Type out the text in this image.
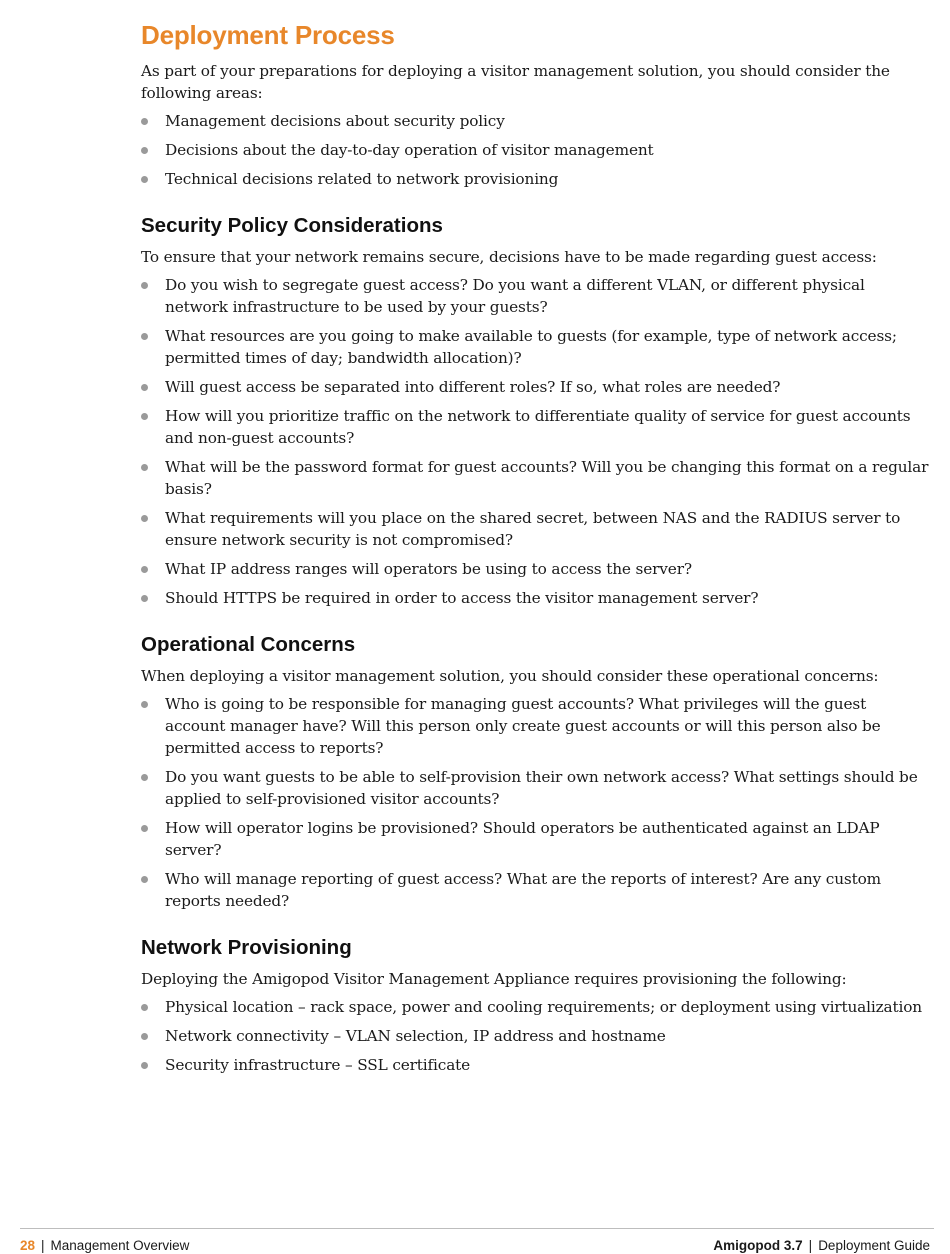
Deployment Process

As part of your preparations for deploying a visitor management solution, you should consider the following areas:

Management decisions about security policy
Decisions about the day-to-day operation of visitor management
Technical decisions related to network provisioning
Security Policy Considerations

To ensure that your network remains secure, decisions have to be made regarding guest access:

Do you wish to segregate guest access? Do you want a different VLAN, or different physical network infrastructure to be used by your guests?
What resources are you going to make available to guests (for example, type of network access; permitted times of day; bandwidth allocation)?
Will guest access be separated into different roles? If so, what roles are needed?
How will you prioritize traffic on the network to differentiate quality of service for guest accounts and non-guest accounts?
What will be the password format for guest accounts? Will you be changing this format on a regular basis?
What requirements will you place on the shared secret, between NAS and the RADIUS server to ensure network security is not compromised?
What IP address ranges will operators be using to access the server?
Should HTTPS be required in order to access the visitor management server?
Operational Concerns

When deploying a visitor management solution, you should consider these operational concerns:

Who is going to be responsible for managing guest accounts? What privileges will the guest account manager have? Will this person only create guest accounts or will this person also be permitted access to reports?
Do you want guests to be able to self-provision their own network access? What settings should be applied to self-provisioned visitor accounts?
How will operator logins be provisioned? Should operators be authenticated against an LDAP server?
Who will manage reporting of guest access? What are the reports of interest? Are any custom reports needed?
Network Provisioning

Deploying the Amigopod Visitor Management Appliance requires provisioning the following:

Physical location – rack space, power and cooling requirements; or deployment using virtualization
Network connectivity – VLAN selection, IP address and hostname
Security infrastructure – SSL certificate
28 | Management Overview	Amigopod 3.7 | Deployment Guide
